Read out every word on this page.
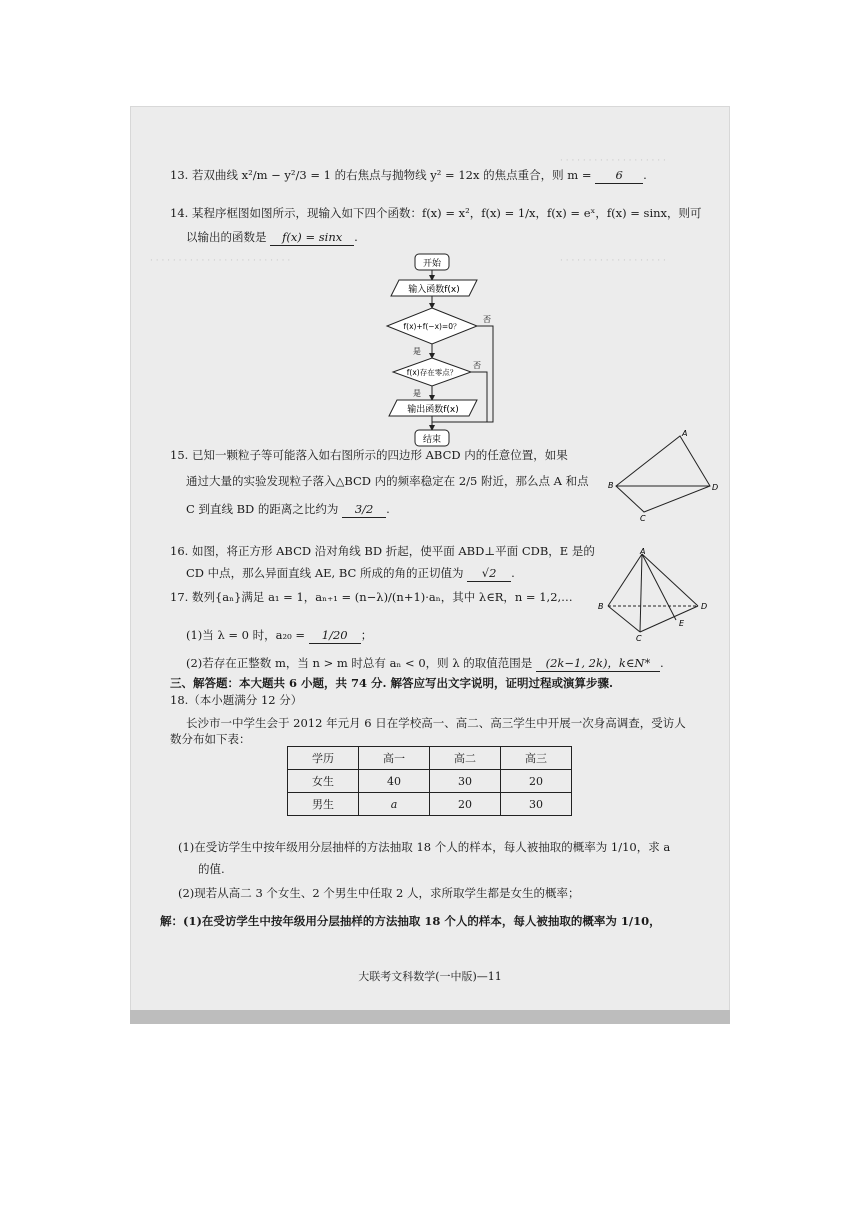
· · · · · · · · · · · · · · · · · · ·
· · · · · · · · · · · · · · · · · · ·
· · · · · · · · · · · · · · · · · · · · · · · · ·
13. 若双曲线 x²/m − y²/3 = 1 的右焦点与抛物线 y² = 12x 的焦点重合，则 m = 6 .
14. 某程序框图如图所示，现输入如下四个函数：f(x) = x²，f(x) = 1/x，f(x) = eˣ，f(x) = sinx，则可
以输出的函数是 f(x) = sinx .
开始
输入函数f(x)
f(x)+f(−x)=0？
是
f(x)存在零点？
是
输出函数f(x)
结束
否
否
15. 已知一颗粒子等可能落入如右图所示的四边形 ABCD 内的任意位置，如果
通过大量的实验发现粒子落入△BCD 内的频率稳定在 2/5 附近，那么点 A 和点
C 到直线 BD 的距离之比约为 3/2 .
A
B
C
D
16. 如图，将正方形 ABCD 沿对角线 BD 折起，使平面 ABD⊥平面 CDB，E 是的
CD 中点，那么异面直线 AE, BC 所成的角的正切值为 √2 .
A
B
C
D
E
17. 数列{aₙ}满足 a₁ = 1，aₙ₊₁ = (n−λ)/(n+1)·aₙ，其中 λ∈R，n = 1,2,…
(1)当 λ = 0 时，a₂₀ = 1/20 ；
(2)若存在正整数 m，当 n > m 时总有 aₙ < 0，则 λ 的取值范围是 (2k−1, 2k)，k∈N* .
三、解答题：本大题共 6 小题，共 74 分. 解答应写出文字说明，证明过程或演算步骤.
18.（本小题满分 12 分）
长沙市一中学生会于 2012 年元月 6 日在学校高一、高二、高三学生中开展一次身高调查，受访人
数分布如下表：
学历	高一	高二	高三
女生	40	30	20
男生	a	20	30
(1)在受访学生中按年级用分层抽样的方法抽取 18 个人的样本，每人被抽取的概率为 1/10，求 a
的值.
(2)现若从高二 3 个女生、2 个男生中任取 2 人，求所取学生都是女生的概率；
解：(1)在受访学生中按年级用分层抽样的方法抽取 18 个人的样本，每人被抽取的概率为 1/10，
大联考文科数学(一中版)—11
